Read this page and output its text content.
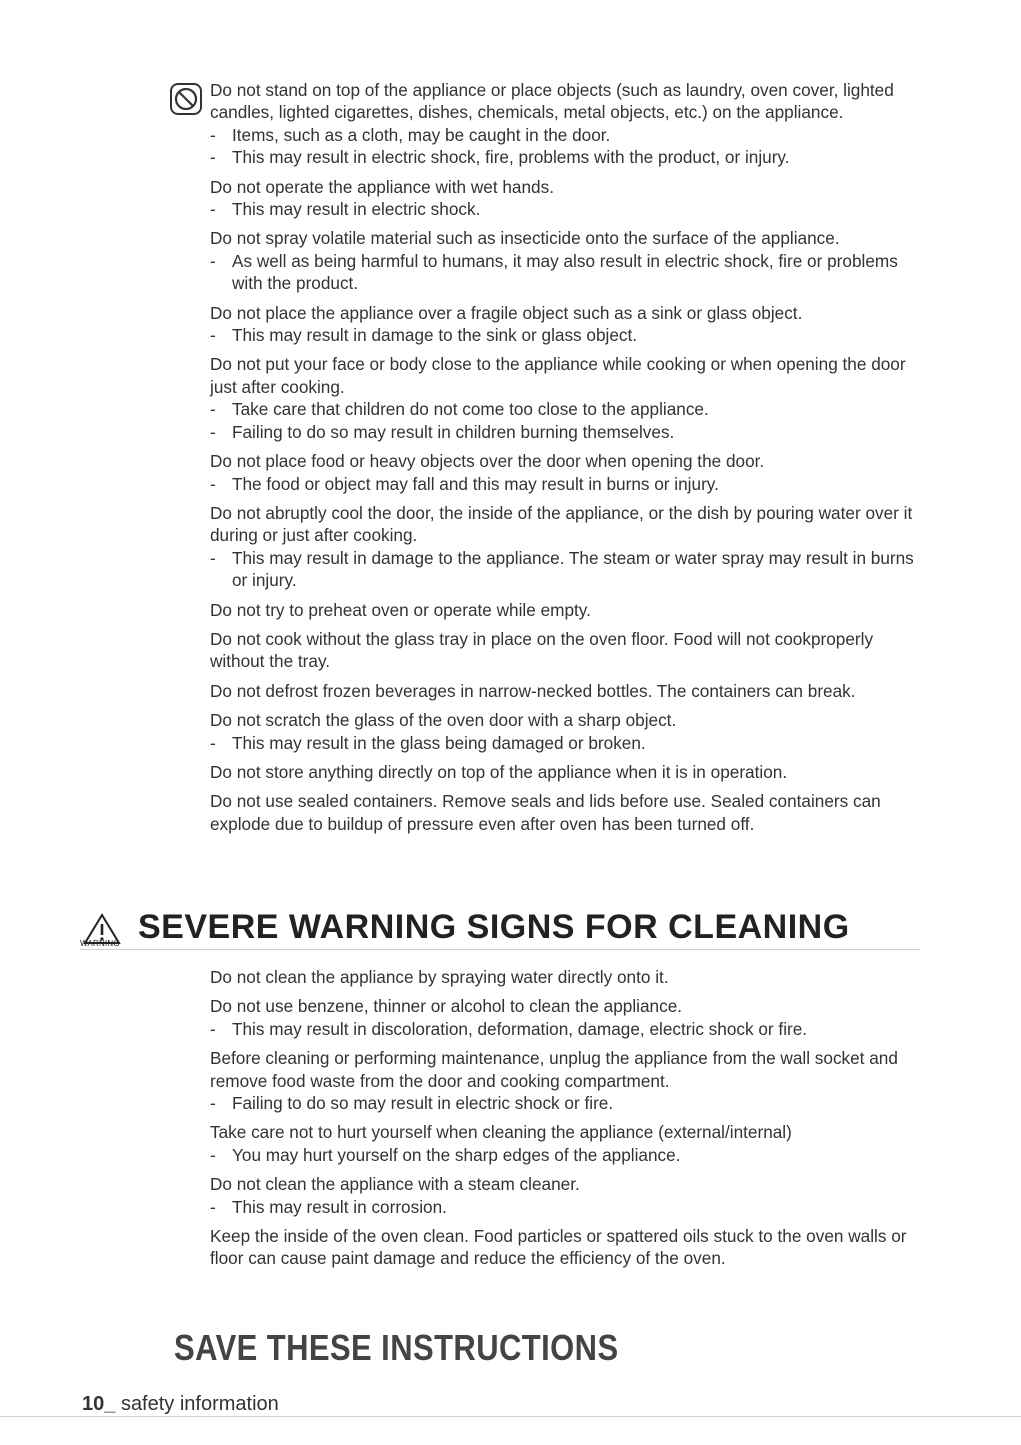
Do not stand on top of the appliance or place objects (such as laundry, oven cover, lighted candles, lighted cigarettes, dishes, chemicals, metal objects, etc.) on the appliance.

- Items, such as a cloth, may be caught in the door.
- This may result in electric shock, fire, problems with the product, or injury.

Do not operate the appliance with wet hands.

- This may result in electric shock.

Do not spray volatile material such as insecticide onto the surface of the appliance.

- As well as being harmful to humans, it may also result in electric shock, fire or problems with the product.

Do not place the appliance over a fragile object such as a sink or glass object.

- This may result in damage to the sink or glass object.

Do not put your face or body close to the appliance while cooking or when opening the door just after cooking.

- Take care that children do not come too close to the appliance.
- Failing to do so may result in children burning themselves.

Do not place food or heavy objects over the door when opening the door.

- The food or object may fall and this may result in burns or injury.

Do not abruptly cool the door, the inside of the appliance, or the dish by pouring water over it during or just after cooking.

- This may result in damage to the appliance. The steam or water spray may result in burns or injury.

Do not try to preheat oven or operate while empty.

Do not cook without the glass tray in place on the oven floor. Food will not cookproperly without the tray.

Do not defrost frozen beverages in narrow-necked bottles. The containers can break.

Do not scratch the glass of the oven door with a sharp object.

- This may result in the glass being damaged or broken.

Do not store anything directly on top of the appliance when it is in operation.

Do not use sealed containers. Remove seals and lids before use. Sealed containers can explode due to buildup of pressure even after oven has been turned off.

WARNING SEVERE WARNING SIGNS FOR CLEANING

Do not clean the appliance by spraying water directly onto it.

Do not use benzene, thinner or alcohol to clean the appliance.

- This may result in discoloration, deformation, damage, electric shock or fire.

Before cleaning or performing maintenance, unplug the appliance from the wall socket and remove food waste from the door and cooking compartment.

- Failing to do so may result in electric shock or fire.

Take care not to hurt yourself when cleaning the appliance (external/internal)

- You may hurt yourself on the sharp edges of the appliance.

Do not clean the appliance with a steam cleaner.

- This may result in corrosion.

Keep the inside of the oven clean. Food particles or spattered oils stuck to the oven walls or floor can cause paint damage and reduce the efficiency of the oven.

SAVE THESE INSTRUCTIONS
10_ safety information
